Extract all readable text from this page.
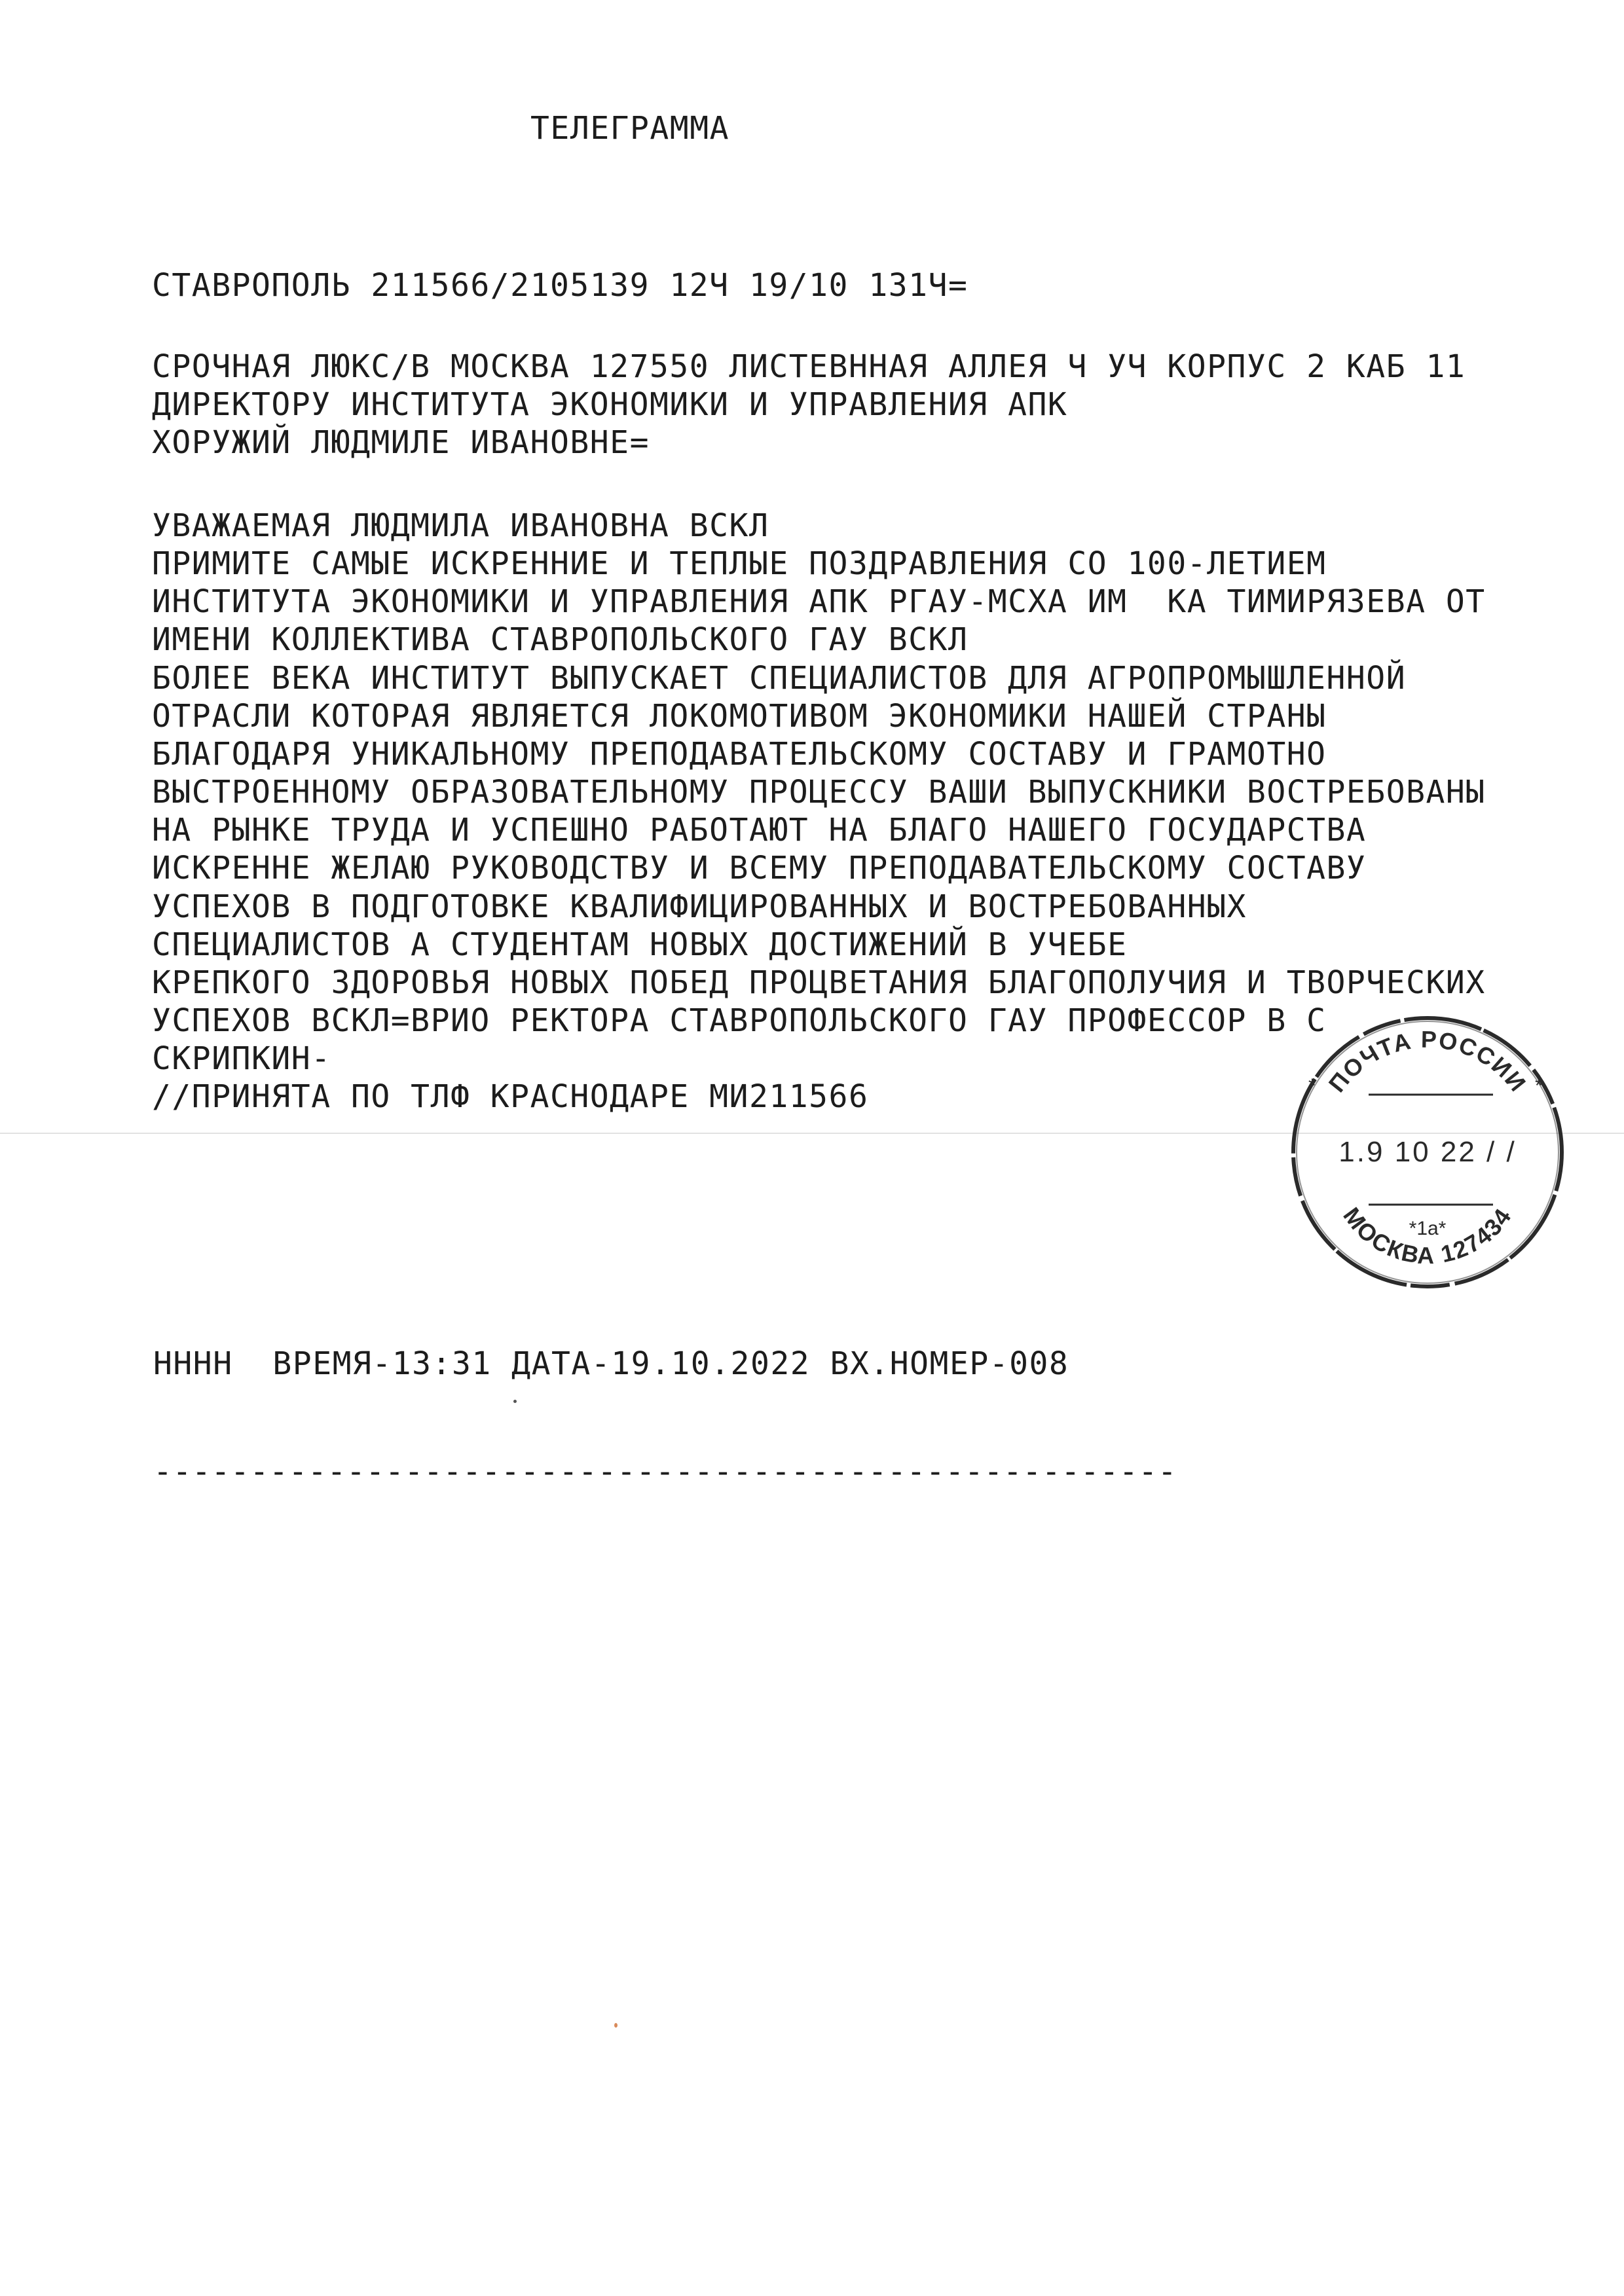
ТЕЛЕГРАММА
СТАВРОПОЛЬ 211566/2105139 12Ч 19/10 131Ч=
СРОЧНАЯ ЛЮКС/В МОСКВА 127550 ЛИСТЕВННАЯ АЛЛЕЯ Ч УЧ КОРПУС 2 КАБ 11
ДИРЕКТОРУ ИНСТИТУТА ЭКОНОМИКИ И УПРАВЛЕНИЯ АПК
ХОРУЖИЙ ЛЮДМИЛЕ ИВАНОВНЕ=
УВАЖАЕМАЯ ЛЮДМИЛА ИВАНОВНА ВСКЛ
ПРИМИТЕ САМЫЕ ИСКРЕННИЕ И ТЕПЛЫЕ ПОЗДРАВЛЕНИЯ СО 100-ЛЕТИЕМ
ИНСТИТУТА ЭКОНОМИКИ И УПРАВЛЕНИЯ АПК РГАУ-МСХА ИМ  КА ТИМИРЯЗЕВА ОТ
ИМЕНИ КОЛЛЕКТИВА СТАВРОПОЛЬСКОГО ГАУ ВСКЛ
БОЛЕЕ ВЕКА ИНСТИТУТ ВЫПУСКАЕТ СПЕЦИАЛИСТОВ ДЛЯ АГРОПРОМЫШЛЕННОЙ
ОТРАСЛИ КОТОРАЯ ЯВЛЯЕТСЯ ЛОКОМОТИВОМ ЭКОНОМИКИ НАШЕЙ СТРАНЫ
БЛАГОДАРЯ УНИКАЛЬНОМУ ПРЕПОДАВАТЕЛЬСКОМУ СОСТАВУ И ГРАМОТНО
ВЫСТРОЕННОМУ ОБРАЗОВАТЕЛЬНОМУ ПРОЦЕССУ ВАШИ ВЫПУСКНИКИ ВОСТРЕБОВАНЫ
НА РЫНКЕ ТРУДА И УСПЕШНО РАБОТАЮТ НА БЛАГО НАШЕГО ГОСУДАРСТВА
ИСКРЕННЕ ЖЕЛАЮ РУКОВОДСТВУ И ВСЕМУ ПРЕПОДАВАТЕЛЬСКОМУ СОСТАВУ
УСПЕХОВ В ПОДГОТОВКЕ КВАЛИФИЦИРОВАННЫХ И ВОСТРЕБОВАННЫХ
СПЕЦИАЛИСТОВ А СТУДЕНТАМ НОВЫХ ДОСТИЖЕНИЙ В УЧЕБЕ
КРЕПКОГО ЗДОРОВЬЯ НОВЫХ ПОБЕД ПРОЦВЕТАНИЯ БЛАГОПОЛУЧИЯ И ТВОРЧЕСКИХ
УСПЕХОВ ВСКЛ=ВРИО РЕКТОРА СТАВРОПОЛЬСКОГО ГАУ ПРОФЕССОР В С
СКРИПКИН-
//ПРИНЯТА ПО ТЛФ КРАСНОДАРЕ МИ211566	ПОЧТА РОССИИ
*	*
1.9 10 22 / /
*1а*
МОСКВА 127434
НННН  ВРЕМЯ-13:31 ДАТА-19.10.2022 ВХ.НОМЕР-008
-----------------------------------------------------
